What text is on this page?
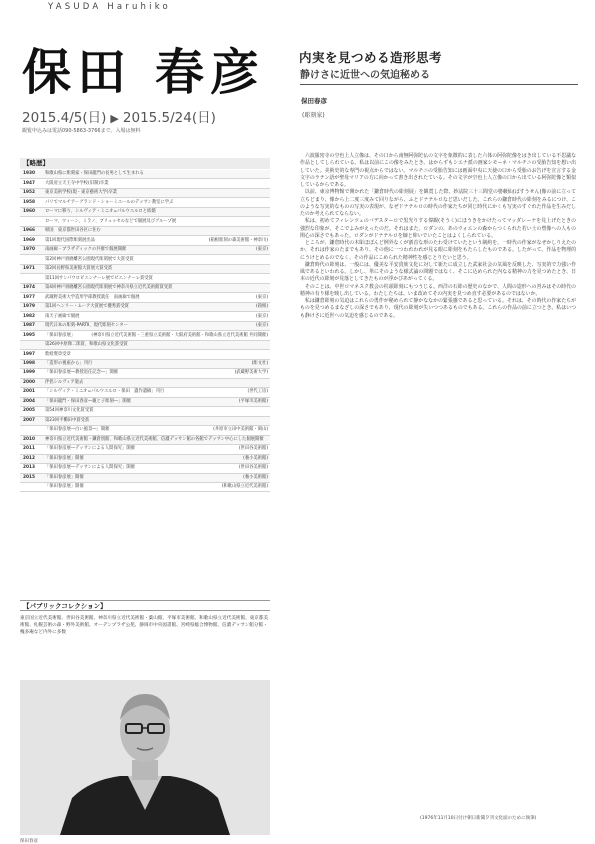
YASUDA Haruhiko
保田 春彦
2015.4/5(日) ▶ 2015.5/24(日)
観覧申込みは電話090-5863-3766まで。入場は無料
内実を見つめる造形思考
静けさに近世への気迫秘める
保田春彦
(彫刻家)
【略歴】
1930	和歌山県に彫刻家・保田龍門の長男として生まれる
1947	大阪府立天王寺中学校(旧制)卒業
1952	東京美術学校(現・東京藝術大学)卒業
1958	パリでマルチアーグランド・ショーミエールのデッサン教室に学ぶ
1960	ローマに移り、シルヴィア・ミニオ=パルウエルロと結婚
ローマ、ウィーン、ミラノ、ブリュッセルなどで個展及びグループ展
1966	帰国　東京都世田谷区に住む
1969	第1回現代国際彫刻展出品	(箱根彫刻の森美術館・神奈川)
1970	南画廊・ブラザディックの共催で個展開催	(東京)
第2回神戸須磨離宮公園現代彫刻展で大賞受賞
1971	第2回長野県美術館大賞展大賞受賞
第11回サンパウロビエンナーレ展でビエンナーレ賞受賞
1974	第4回神戸須磨離宮公園現代彫刻展で神奈川県立近代美術館賞受賞
1977	武蔵野美術大学造形学部教授就任　南画廊で個展	(東京)
1979	第1回ヘンリー・ムーア大賞展で優秀賞受賞	(箱根)
1982	南天子画廊で個展	(東京)
1987	現代日本の彫刻-PARTⅡ、現代彫刻センター	(東京)
1995	「保田春彦展」	(神奈川県立近代美術館・三重県立美術館・大阪府美術館・和歌山県立近代美術館 共同開催)
第26回中原悌二郎賞、和歌山県文化賞受賞
1997	紫綬褒章受章
1998	「造形の視座から」刊行	(彫文社)
1999	「保田春彦展―教授退任記念―」開催	(武蔵野美術大学)
2000	伴侶シルヴィア逝去
2001	「シルヴィア・ミニオ=パルウエルロ・保田　遺作遺稿」刊行	(世代工房)
2004	「保田龍門・保田春彦―親と子彫刻―」開催	(平塚市美術館)
2005	第54回神奈川文化賞受賞
2007	第23回平櫛田中賞受賞
「保田春彦展―白い風景―」開催	(井原市立田中美術館・岡山)
2010	神奈川県立近代美術館・鎌倉別館、和歌山県立近代美術館、信濃デッサン館の各館でデッサン中心にした個展開催
2011	「保田春彦展―デッサンによる人間探究」開催	(世田谷美術館)
2012	「保田春彦展」開催	(養小美術館)
2013	「保田春彦展―デッサンによる人間探究」開催	(世田谷美術館)
2015	「保田春彦展」開催	(養小美術館)
「保田春彦展」開催	(和歌山県立近代美術館)
【パブリックコレクション】
東京国立近代美術館、世田谷美術館、神奈川県立近代美術館・葉山館、平塚市美術館、和歌山県立近代美術館、東京都美術館、札幌芸術の森・野外美術館、オーデンプラザ公苑、静岡市中央図書館、宮崎県総合博物館、信濃デッサン館分館・槐多庵など内外に多数
保田春彦

六波羅密寺の空也上人立像は、その口から南無阿弥陀仏の文字を象徴的に表した六体の阿弥陀像をはき出している不思議な作品としてしられている。私は以前にこの像をみたとき、はからずもシエナ派の画家シモーネ・マルチニの受胎告知を想い出していた。美術史的な専門の視点からではない。マルチニの受胎告知には画面中央に天使の口から受胎のお告げを宣言する金文字のラテン語が聖母マリアの方に向かって書き出されたている。その文字が空也上人立像の口から出ている阿弥陀像と類似しているからである。

以前、東京博物館で開かれた「鎌倉時代の彫刻展」を観賞した際、妙法院三十三間堂の婆藪仙(ばすうせん)像の前に立って立ちどまり、像から上二度三度みて回りながら、ふとドナテルロなど思いだした。これらの鎌倉時代の彫刻をみるにつけ、このような写実的なものの写実の表現が、なぜドナテルロの時代の作家たちが同じ時代にかくも写実のすぐれた作品を生みだしたのか考えられてならない。

私は、初めてフィレンツェのバデスターロで黒光りする偉観(そうく)にほうきをかけたってマッダレーナを見上げたときの強烈な印象が、そこでよみがえったのだ。それはまた、ロダンの、あのウォエンの森からつくられた若い士の塑像への人もの関心の深さでもあった。ロダンがドナテルロを師と仰いでいたことはよくしられている。

ところが、鎌倉時代の木彫ほぼんど例外なくが割首な形のたわ受けていたという制約を、一時代の作家がなぜかしりえたのか、それは作家のたまでもあり、その他に一つわれわれが見る眼に彫刻をもたらしたものである。したがって、作品を物理的にうけとめるのでなく、その作品にこめられた精神性を感じとりたいと思う。

鎌倉時代の彫刻は、一般には、優美な平安貴族文化に対して新たに成立した武家社会の気風を反映した、写実的で力強い作風であるといわれる。しかし、単にそのような様式論の問題ではなく、そこに込められた内なる精神の力を見つめたとき、日本の近代の彫刻が見落としてきたものが浮かびあがってくる。

そのことは、中世ロマネスク教会の柱頭彫刻にもつうじる。西洋の石彫の歴史のなかで、人間の造形への営みはその時代の精神の有り様を映し出している。わたしたちは、いま改めてその内実を見つめ直す必要があるのではないか。

私は鎌倉彫刻の気迫はこれらの勇作が秘められて静かななかの緊張感であると思っている。それは、その時代の作家たちがものを見つめるまなざしの深さでもあり、現代の彫刻が失いつつあるものでもある。これらの作品の前に立つとき、私はいつも静けさに近世への気迫を感じるのである。

(1976年11月10日付け朝日新聞夕刊文化面のために執筆)
